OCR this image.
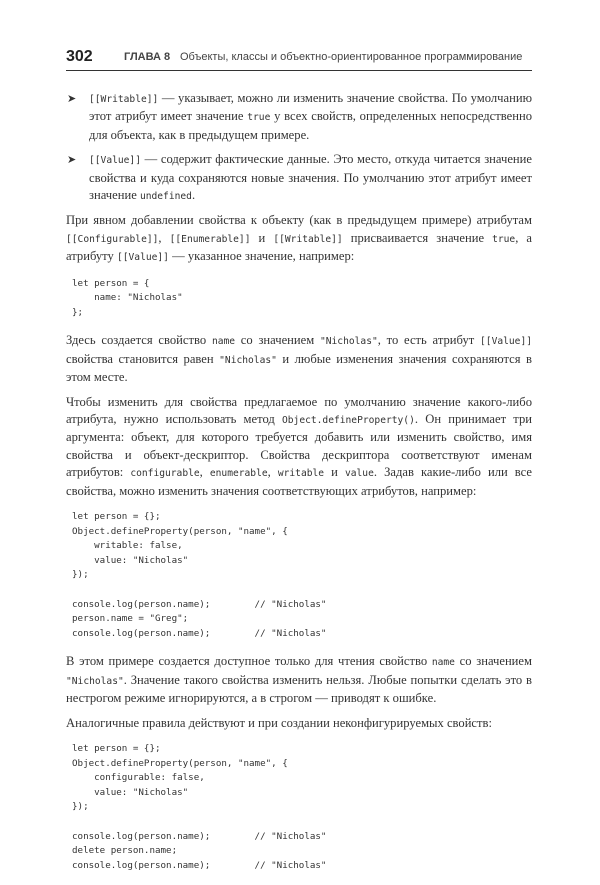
302	ГЛАВА 8 Объекты, классы и объектно-ориентированное программирование
➤ [[Writable]] — указывает, можно ли изменить значение свойства. По умолчанию этот атрибут имеет значение true у всех свойств, определенных непосредственно для объекта, как в предыдущем примере.
➤ [[Value]] — содержит фактические данные. Это место, откуда читается значение свойства и куда сохраняются новые значения. По умолчанию этот атрибут имеет значение undefined.
При явном добавлении свойства к объекту (как в предыдущем примере) атрибутам [[Configurable]], [[Enumerable]] и [[Writable]] присваивается значение true, а атрибуту [[Value]] — указанное значение, например:
let person = {
name: "Nicholas"
};
Здесь создается свойство name со значением "Nicholas", то есть атрибут [[Value]] свойства становится равен "Nicholas" и любые изменения значения сохраняются в этом месте.
Чтобы изменить для свойства предлагаемое по умолчанию значение какого-либо атрибута, нужно использовать метод Object.defineProperty(). Он принимает три аргумента: объект, для которого требуется добавить или изменить свойство, имя свойства и объект-дескриптор. Свойства дескриптора соответствуют именам атрибутов: configurable, enumerable, writable и value. Задав какие-либо или все свойства, можно изменить значения соответствующих атрибутов, например:
let person = {};
Object.defineProperty(person, "name", {
writable: false,
value: "Nicholas"
});

console.log(person.name);        // "Nicholas"
person.name = "Greg";
console.log(person.name);        // "Nicholas"
В этом примере создается доступное только для чтения свойство name со значением "Nicholas". Значение такого свойства изменить нельзя. Любые попытки сделать это в нестрогом режиме игнорируются, а в строгом — приводят к ошибке.
Аналогичные правила действуют и при создании неконфигурируемых свойств:
let person = {};
Object.defineProperty(person, "name", {
configurable: false,
value: "Nicholas"
});

console.log(person.name);        // "Nicholas"
delete person.name;
console.log(person.name);        // "Nicholas"
